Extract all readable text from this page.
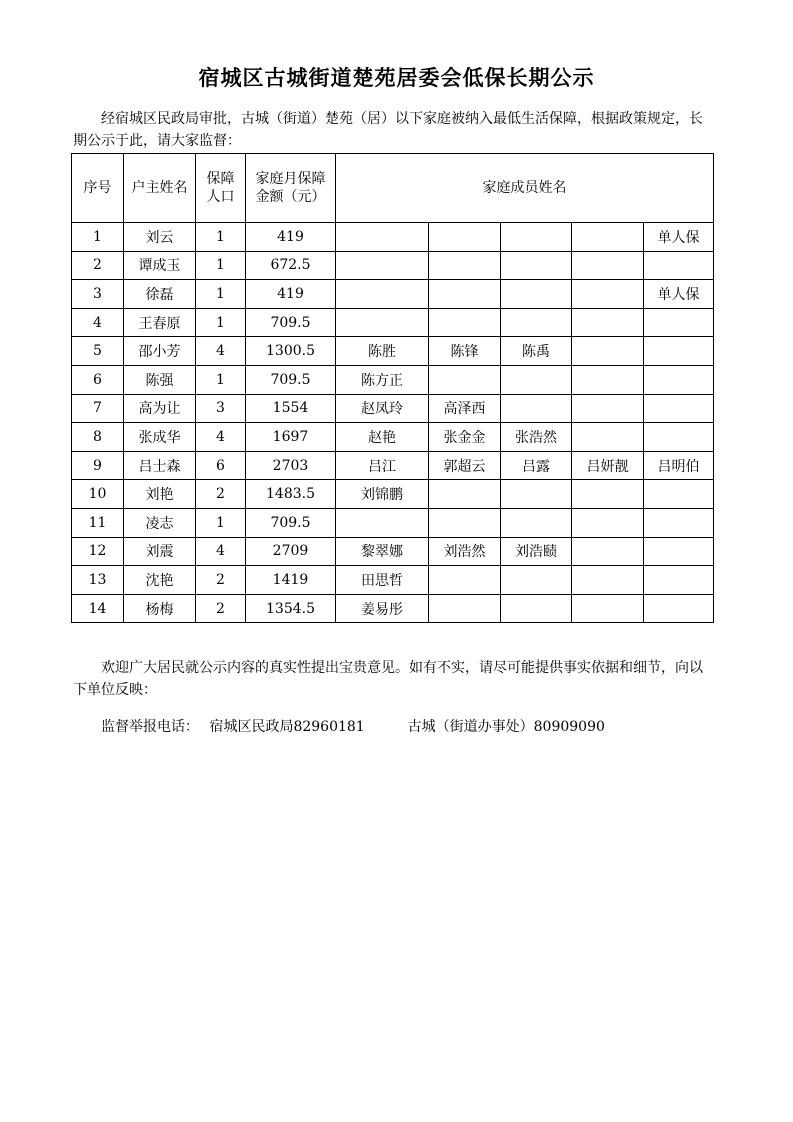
宿城区古城街道楚苑居委会低保长期公示
经宿城区民政局审批，古城（街道）楚苑（居）以下家庭被纳入最低生活保障，根据政策规定，长期公示于此，请大家监督：
序号	户主姓名	保障人口	家庭月保障金额（元）	家庭成员姓名				
1	刘云	1	419					单人保
2	谭成玉	1	672.5					
3	徐磊	1	419					单人保
4	王春原	1	709.5					
5	邵小芳	4	1300.5	陈胜	陈锋	陈禹		
6	陈强	1	709.5	陈方正				
7	高为让	3	1554	赵凤玲	高泽西			
8	张成华	4	1697	赵艳	张金金	张浩然		
9	吕士森	6	2703	吕江	郭超云	吕露	吕妍靓	吕明伯
10	刘艳	2	1483.5	刘锦鹏				
11	凌志	1	709.5					
12	刘震	4	2709	黎翠娜	刘浩然	刘浩赜		
13	沈艳	2	1419	田思哲				
14	杨梅	2	1354.5	姜易彤				
欢迎广大居民就公示内容的真实性提出宝贵意见。如有不实，请尽可能提供事实依据和细节，向以下单位反映：
监督举报电话： 宿城区民政局82960181	古城（街道办事处）80909090
